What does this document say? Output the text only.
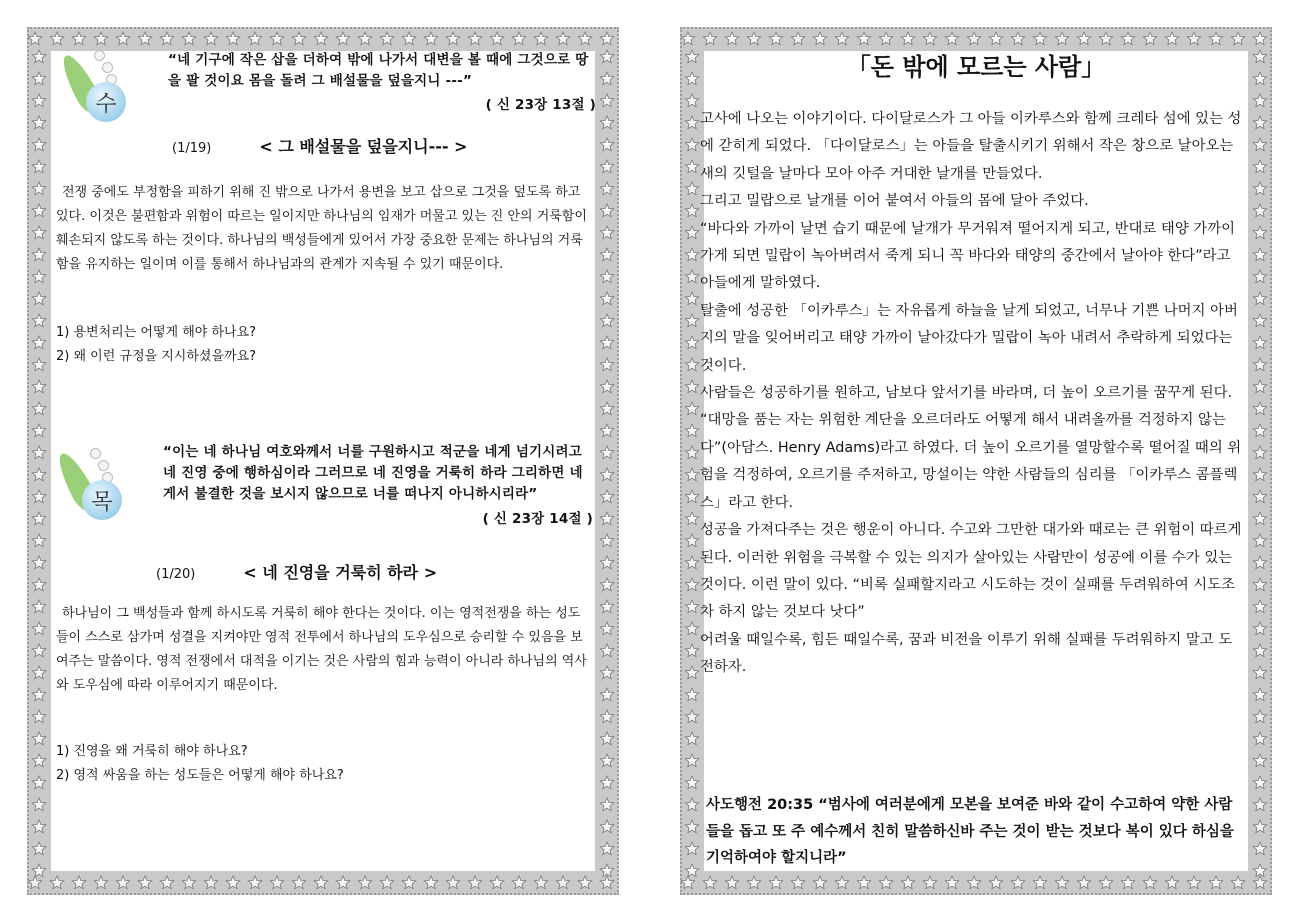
수
“네 기구에 작은 삽을 더하여 밖에 나가서 대변을 볼 때에 그것으로 땅을 팔 것이요 몸을 돌려 그 배설물을 덮을지니 ---”
( 신 23장 13절 )
(1/19)	< 그 배설물을 덮을지니--- >
전쟁 중에도 부정함을 피하기 위해 진 밖으로 나가서 용변을 보고 삽으로 그것을 덮도록 하고 있다. 이것은 불편함과 위험이 따르는 일이지만 하나님의 임재가 머물고 있는 진 안의 거룩함이 훼손되지 않도록 하는 것이다. 하나님의 백성들에게 있어서 가장 중요한 문제는 하나님의 거룩함을 유지하는 일이며 이를 통해서 하나님과의 관계가 지속될 수 있기 때문이다.
1) 용변처리는 어떻게 해야 하나요?
2) 왜 이런 규정을 지시하셨을까요?
목
“이는 네 하나님 여호와께서 너를 구원하시고 적군을 네게 넘기시려고 네 진영 중에 행하심이라 그러므로 네 진영을 거룩히 하라 그리하면 네게서 불결한 것을 보시지 않으므로 너를 떠나지 아니하시리라”
( 신 23장 14절 )
(1/20)	< 네 진영을 거룩히 하라 >
하나님이 그 백성들과 함께 하시도록 거룩히 해야 한다는 것이다. 이는 영적전쟁을 하는 성도들이 스스로 삼가며 성결을 지켜야만 영적 전투에서 하나님의 도우심으로 승리할 수 있음을 보여주는 말씀이다. 영적 전쟁에서 대적을 이기는 것은 사람의 힘과 능력이 아니라 하나님의 역사와 도우심에 따라 이루어지기 때문이다.
1) 진영을 왜 거룩히 해야 하나요?
2) 영적 싸움을 하는 성도들은 어떻게 해야 하나요?
「돈 밖에 모르는 사람」

고사에 나오는 이야기이다. 다이달로스가 그 아들 이카루스와 함께 크레타 섬에 있는 성에 갇히게 되었다. 「다이달로스」는 아들을 탈출시키기 위해서 작은 창으로 날아오는 새의 깃털을 날마다 모아 아주 거대한 날개를 만들었다.

그리고 밀랍으로 날개를 이어 붙여서 아들의 몸에 달아 주었다.

“바다와 가까이 날면 습기 때문에 날개가 무거워져 떨어지게 되고, 반대로 태양 가까이 가게 되면 밀랍이 녹아버려서 죽게 되니 꼭 바다와 태양의 중간에서 날아야 한다”라고 아들에게 말하였다.

탈출에 성공한 「이카루스」는 자유롭게 하늘을 날게 되었고, 너무나 기쁜 나머지 아버지의 말을 잊어버리고 태양 가까이 날아갔다가 밀랍이 녹아 내려서 추락하게 되었다는 것이다.

사람들은 성공하기를 원하고, 남보다 앞서기를 바라며, 더 높이 오르기를 꿈꾸게 된다. “대망을 품는 자는 위험한 계단을 오르더라도 어떻게 해서 내려올까를 걱정하지 않는다”(아담스. Henry Adams)라고 하였다. 더 높이 오르기를 열망할수록 떨어질 때의 위험을 걱정하여, 오르기를 주저하고, 망설이는 약한 사람들의 심리를 「이카루스 콤플렉스」라고 한다.

성공을 가져다주는 것은 행운이 아니다. 수고와 그만한 대가와 때로는 큰 위험이 따르게 된다. 이러한 위험을 극복할 수 있는 의지가 살아있는 사람만이 성공에 이를 수가 있는 것이다. 이런 말이 있다. “비록 실패할지라고 시도하는 것이 실패를 두려워하여 시도조차 하지 않는 것보다 낫다”

어려울 때일수록, 힘든 때일수록, 꿈과 비전을 이루기 위해 실패를 두려워하지 말고 도전하자.

사도행전 20:35 “범사에 여러분에게 모본을 보여준 바와 같이 수고하여 약한 사람들을 돕고 또 주 예수께서 친히 말씀하신바 주는 것이 받는 것보다 복이 있다 하심을 기억하여야 할지니라”
